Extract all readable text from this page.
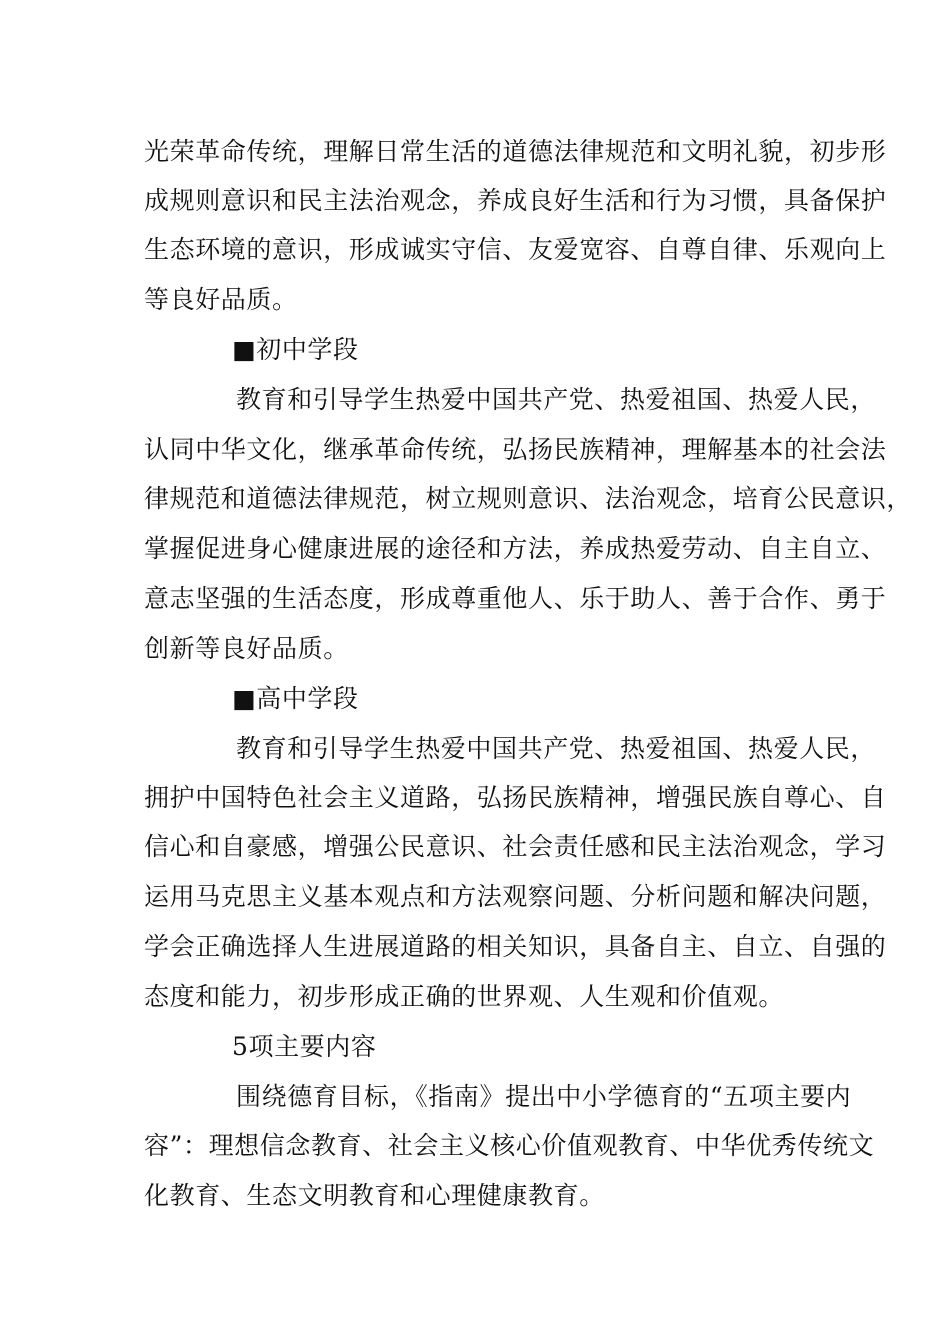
光荣革命传统，理解日常生活的道德法律规范和文明礼貌，初步形
成规则意识和民主法治观念，养成良好生活和行为习惯，具备保护
生态环境的意识，形成诚实守信、友爱宽容、自尊自律、乐观向上
等良好品质。
■初中学段
教育和引导学生热爱中国共产党、热爱祖国、热爱人民，
认同中华文化，继承革命传统，弘扬民族精神，理解基本的社会法
律规范和道德法律规范，树立规则意识、法治观念，培育公民意识，
掌握促进身心健康进展的途径和方法，养成热爱劳动、自主自立、
意志坚强的生活态度，形成尊重他人、乐于助人、善于合作、勇于
创新等良好品质。
■高中学段
教育和引导学生热爱中国共产党、热爱祖国、热爱人民，
拥护中国特色社会主义道路，弘扬民族精神，增强民族自尊心、自
信心和自豪感，增强公民意识、社会责任感和民主法治观念，学习
运用马克思主义基本观点和方法观察问题、分析问题和解决问题，
学会正确选择人生进展道路的相关知识，具备自主、自立、自强的
态度和能力，初步形成正确的世界观、人生观和价值观。
5项主要内容
围绕德育目标，《指南》提出中小学德育的“五项主要内
容”：理想信念教育、社会主义核心价值观教育、中华优秀传统文
化教育、生态文明教育和心理健康教育。
